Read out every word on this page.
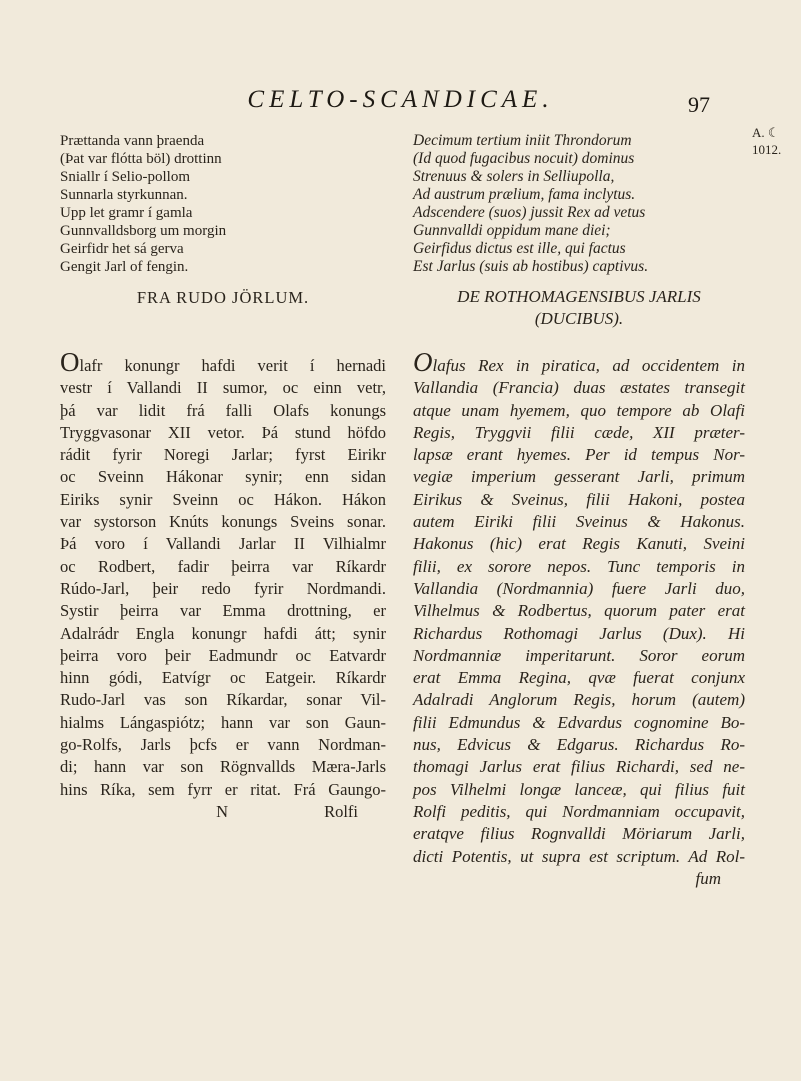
CELTO-SCANDICAE.	97
A. ☾
1012.
Prættanda vann þraenda
(Þat var flótta böl) drottinn
Sniallr í Selio-pollom
Sunnarla styrkunnan.
Upp let gramr í gamla
Gunnvalldsborg um morgin
Geirfidr het sá gerva
Gengit Jarl of fengin.
Decimum tertium iniit Throndorum
(Id quod fugacibus nocuit) dominus
Strenuus & solers in Selliupolla,
Ad austrum prælium, fama inclytus.
Adscendere (suos) jussit Rex ad vetus
Gunnvalldi oppidum mane diei;
Geirfidus dictus est ille, qui factus
Est Jarlus (suis ab hostibus) captivus.
FRA RUDO JÖRLUM.	DE ROTHOMAGENSIBUS JARLIS
(DUCIBUS).
Olafr konungr hafdi verit í hernadi
vestr í Vallandi II sumor, oc einn vetr,
þá var lidit frá falli Olafs konungs
Tryggvasonar XII vetor. Þá stund höfdo
rádit fyrir Noregi Jarlar; fyrst Eirikr
oc Sveinn Hákonar synir; enn sidan
Eiriks synir Sveinn oc Hákon. Hákon
var systorson Knúts konungs Sveins sonar.
Þá voro í Vallandi Jarlar II Vilhialmr
oc Rodbert, fadir þeirra var Ríkardr
Rúdo-Jarl, þeir redo fyrir Nordmandi.
Systir þeirra var Emma drottning, er
Adalrádr Engla konungr hafdi átt; synir
þeirra voro þeir Eadmundr oc Eatvardr
hinn gódi, Eatvígr oc Eatgeir. Ríkardr
Rudo-Jarl vas son Ríkardar, sonar Vil-
hialms Lángaspiótz; hann var son Gaun-
go-Rolfs, Jarls þcfs er vann Nordman-
di; hann var son Rögnvallds Mæra-Jarls
hins Ríka, sem fyrr er ritat. Frá Gaungo-
N	Rolfi
Olafus Rex in piratica, ad occidentem in
Vallandia (Francia) duas æstates transegit
atque unam hyemem, quo tempore ab Olafi
Regis, Tryggvii filii cæde, XII præter-
lapsæ erant hyemes. Per id tempus Nor-
vegiæ imperium gesserant Jarli, primum
Eirikus & Sveinus, filii Hakoni, postea
autem Eiriki filii Sveinus & Hakonus.
Hakonus (hic) erat Regis Kanuti, Sveini
filii, ex sorore nepos. Tunc temporis in
Vallandia (Nordmannia) fuere Jarli duo,
Vilhelmus & Rodbertus, quorum pater erat
Richardus Rothomagi Jarlus (Dux). Hi
Nordmanniæ imperitarunt. Soror eorum
erat Emma Regina, qvæ fuerat conjunx
Adalradi Anglorum Regis, horum (autem)
filii Edmundus & Edvardus cognomine Bo-
nus, Edvicus & Edgarus. Richardus Ro-
thomagi Jarlus erat filius Richardi, sed ne-
pos Vilhelmi longæ lanceæ, qui filius fuit
Rolfi peditis, qui Nordmanniam occupavit,
eratqve filius Rognvalldi Möriarum Jarli,
dicti Potentis, ut supra est scriptum. Ad Rol-
fum
